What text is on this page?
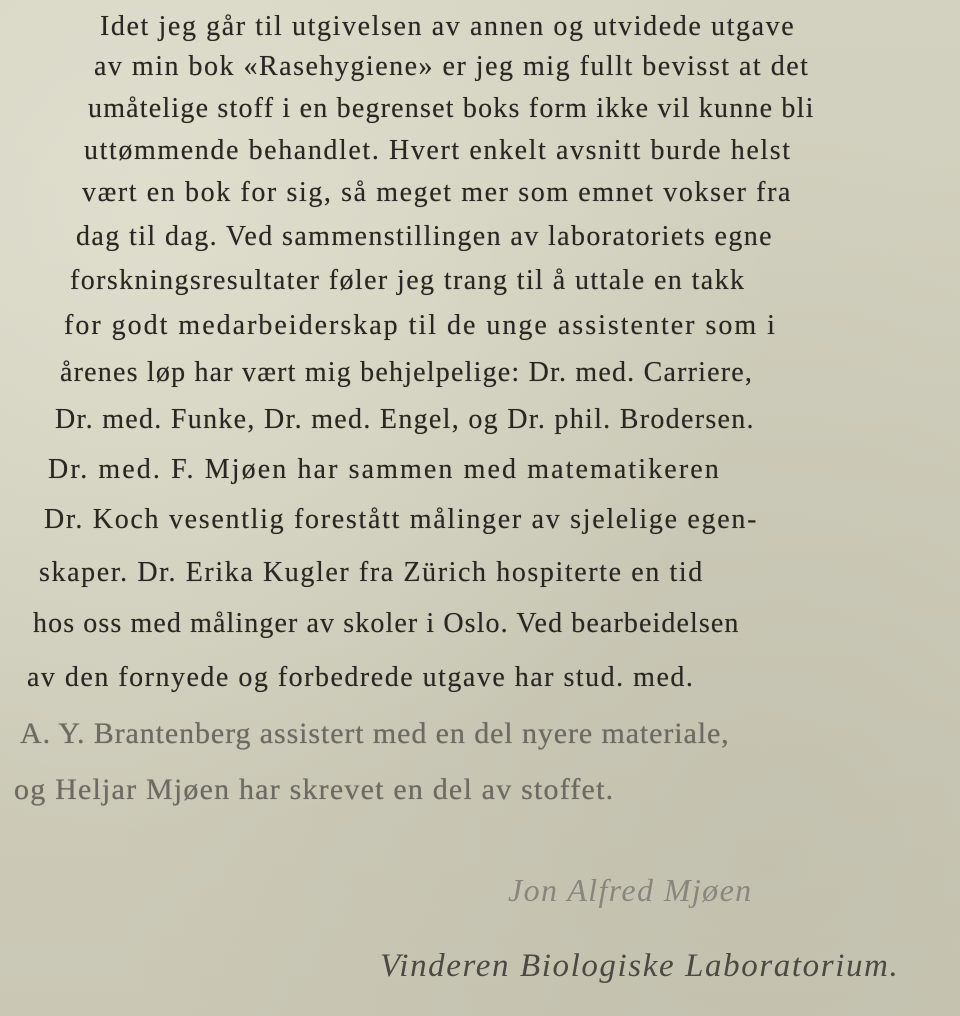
Idet jeg går til utgivelsen av annen og utvidede utgave
av min bok «Rasehygiene» er jeg mig fullt bevisst at det
umåtelige stoff i en begrenset boks form ikke vil kunne bli
uttømmende behandlet. Hvert enkelt avsnitt burde helst
vært en bok for sig, så meget mer som emnet vokser fra
dag til dag. Ved sammenstillingen av laboratoriets egne
forskningsresultater føler jeg trang til å uttale en takk
for godt medarbeiderskap til de unge assistenter som i
årenes løp har vært mig behjelpelige: Dr. med. Carriere,
Dr. med. Funke, Dr. med. Engel, og Dr. phil. Brodersen.
Dr. med. F. Mjøen har sammen med matematikeren
Dr. Koch vesentlig forestått målinger av sjelelige egen-
skaper. Dr. Erika Kugler fra Zürich hospiterte en tid
hos oss med målinger av skoler i Oslo. Ved bearbeidelsen
av den fornyede og forbedrede utgave har stud. med.
A. Y. Brantenberg assistert med en del nyere materiale,
og Heljar Mjøen har skrevet en del av stoffet.
Jon Alfred Mjøen
Vinderen Biologiske Laboratorium.
